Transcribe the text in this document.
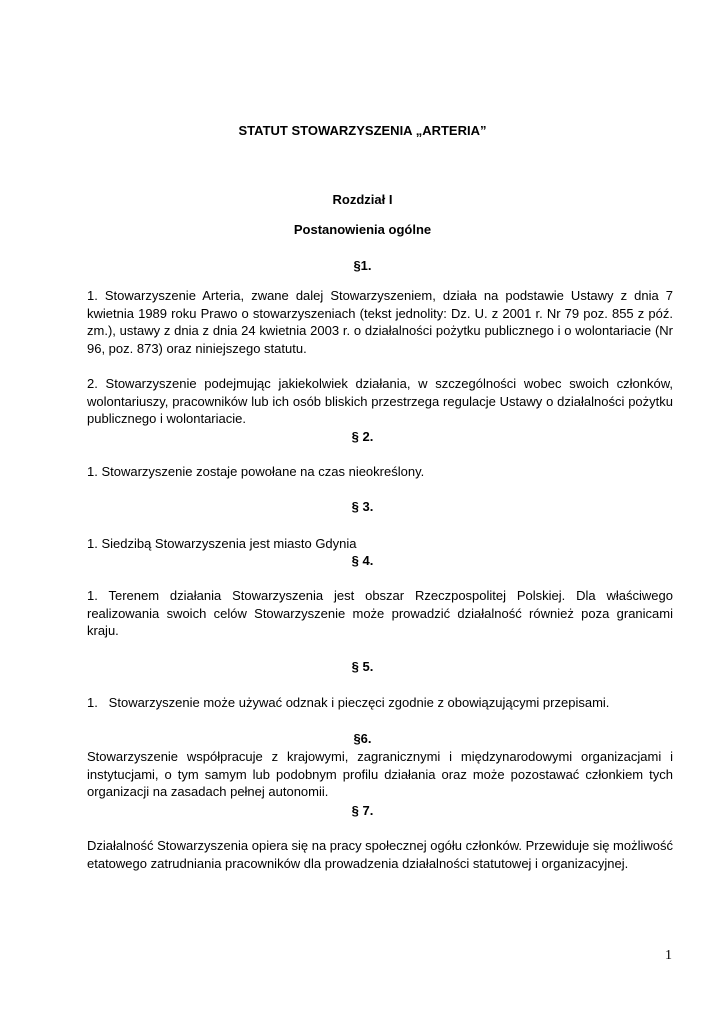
STATUT STOWARZYSZENIA „ARTERIA”
Rozdział I
Postanowienia ogólne
§1.
1. Stowarzyszenie Arteria, zwane dalej Stowarzyszeniem, działa na podstawie Ustawy z dnia 7 kwietnia 1989 roku Prawo o stowarzyszeniach (tekst jednolity: Dz. U. z 2001 r. Nr 79 poz. 855 z póź. zm.), ustawy z dnia z dnia 24 kwietnia 2003 r. o działalności pożytku publicznego i o wolontariacie (Nr 96, poz. 873) oraz niniejszego statutu.
2. Stowarzyszenie podejmując jakiekolwiek działania, w szczególności wobec swoich członków, wolontariuszy, pracowników lub ich osób bliskich przestrzega regulacje Ustawy o działalności pożytku publicznego i wolontariacie.
§ 2.
1. Stowarzyszenie zostaje powołane na czas nieokreślony.
§ 3.
1. Siedzibą Stowarzyszenia jest miasto Gdynia
§ 4.
1. Terenem działania Stowarzyszenia jest obszar Rzeczpospolitej Polskiej. Dla właściwego realizowania swoich celów Stowarzyszenie może prowadzić działalność również poza granicami kraju.
§ 5.
1.   Stowarzyszenie może używać odznak i pieczęci zgodnie z obowiązującymi przepisami.
§6.
Stowarzyszenie współpracuje z krajowymi, zagranicznymi i międzynarodowymi organizacjami i instytucjami, o tym samym lub podobnym profilu działania oraz może pozostawać członkiem tych organizacji na zasadach pełnej autonomii.
§ 7.
Działalność Stowarzyszenia opiera się na pracy społecznej ogółu członków. Przewiduje się możliwość etatowego zatrudniania pracowników dla prowadzenia działalności statutowej i organizacyjnej.
1
